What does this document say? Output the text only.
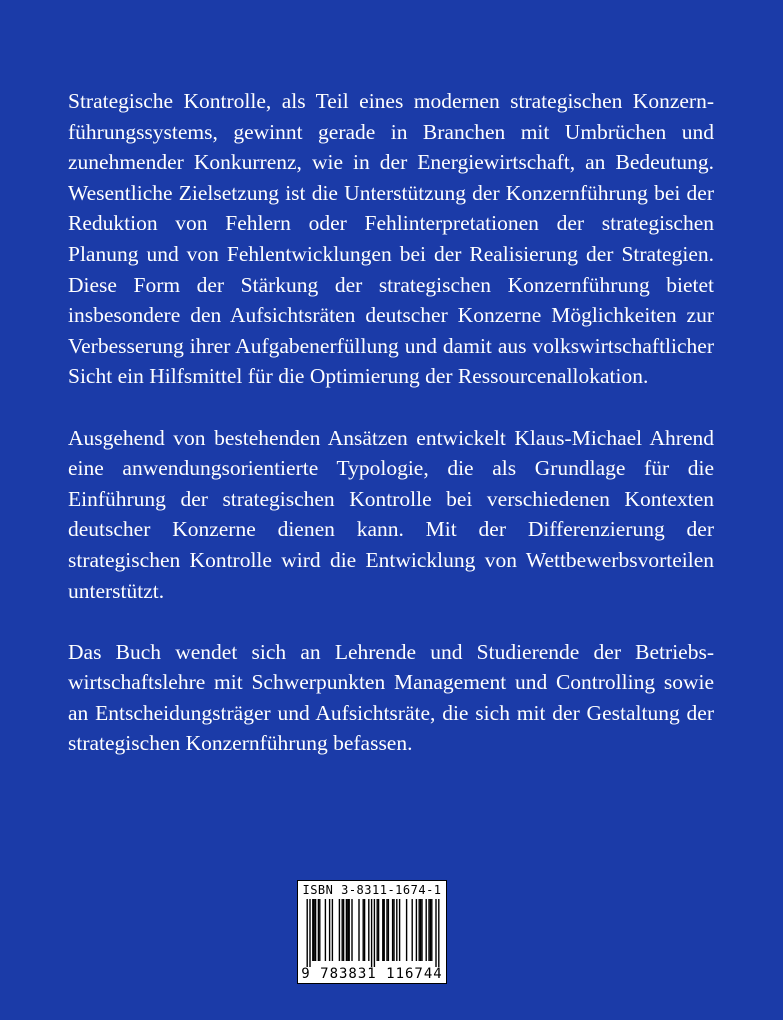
Strategische Kontrolle, als Teil eines modernen strategischen Konzernführungssystems, gewinnt gerade in Branchen mit Umbrüchen und zunehmender Konkurrenz, wie in der Energiewirtschaft, an Bedeutung. Wesentliche Zielsetzung ist die Unterstützung der Konzernführung bei der Reduktion von Fehlern oder Fehlinterpretationen der strategischen Planung und von Fehlentwicklungen bei der Realisierung der Strategien. Diese Form der Stärkung der strategischen Konzernführung bietet insbesondere den Aufsichtsräten deutscher Konzerne Möglichkeiten zur Verbesserung ihrer Aufgabenerfüllung und damit aus volkswirtschaftlicher Sicht ein Hilfsmittel für die Optimierung der Ressourcenallokation.

Ausgehend von bestehenden Ansätzen entwickelt Klaus-Michael Ahrend eine anwendungsorientierte Typologie, die als Grundlage für die Einführung der strategischen Kontrolle bei verschiedenen Kontexten deutscher Konzerne dienen kann. Mit der Differenzierung der strategischen Kontrolle wird die Entwicklung von Wettbewerbsvorteilen unterstützt.

Das Buch wendet sich an Lehrende und Studierende der Betriebswirtschaftslehre mit Schwerpunkten Management und Controlling sowie an Entscheidungsträger und Aufsichtsräte, die sich mit der Gestaltung der strategischen Konzernführung befassen.

ISBN 3-8311-1674-1
9 783831 116744
